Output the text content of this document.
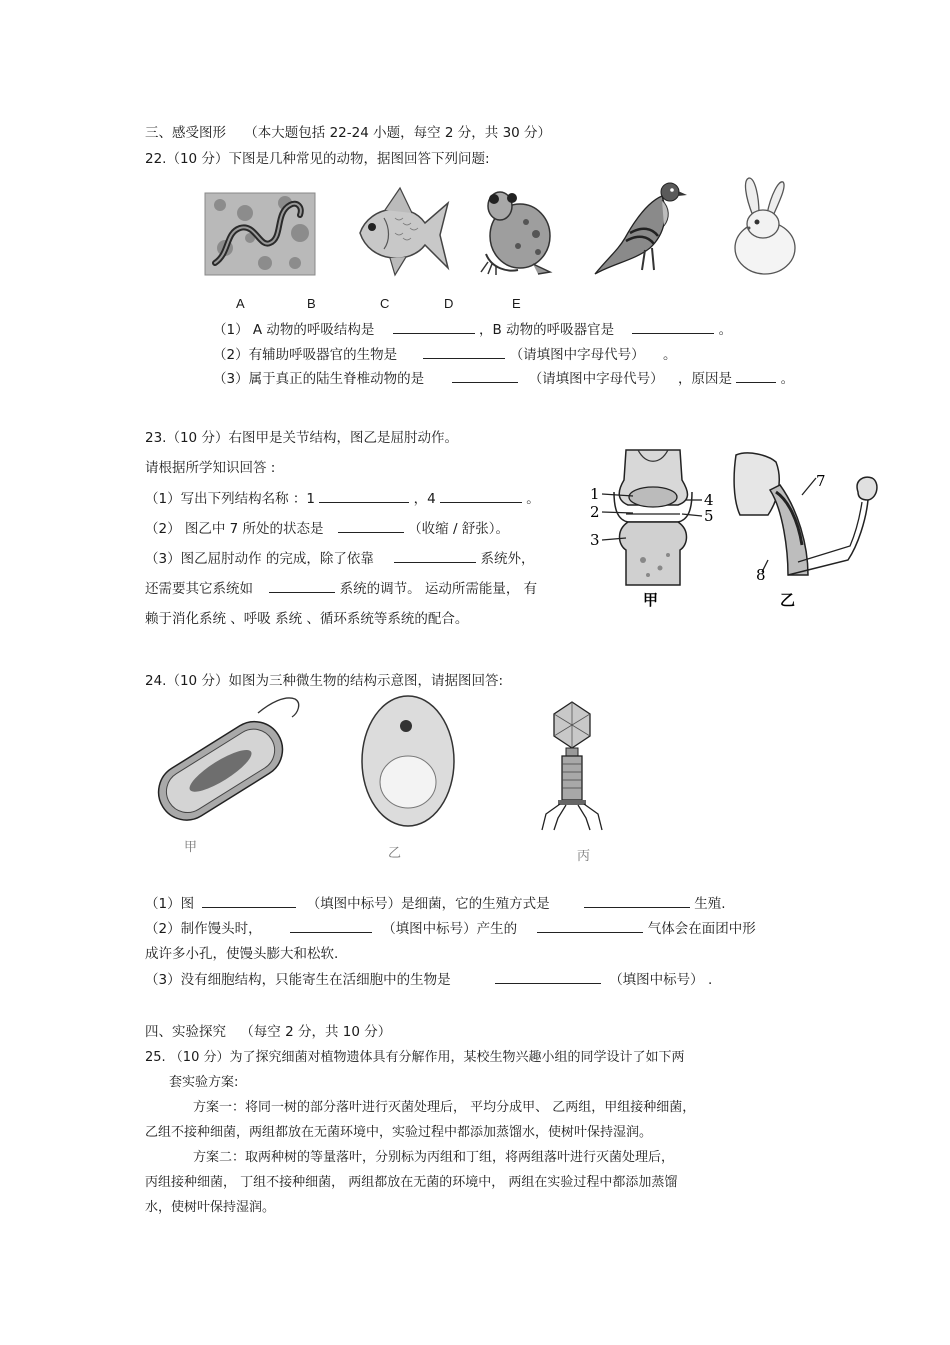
三、感受图形 （本大题包括 22-24 小题，每空 2 分，共 30 分）
22.（10 分）下图是几种常见的动物，据图回答下列问题:
A	B	C	D	E
（1） A 动物的呼吸结构是	，B 动物的呼吸器官是	。
（2）有辅助呼吸器官的生物是	（请填图中字母代号） 。
（3）属于真正的陆生脊椎动物的是	（请填图中字母代号） ，原因是	。
23.（10 分）右图甲是关节结构，图乙是屈肘动作。
请根据所学知识回答 :
（1）写出下列结构名称 ：1	，4	。
（2） 图乙中 7 所处的状态是	（收缩 / 舒张）。
（3）图乙屈肘动作 的完成，除了依靠	系统外，
还需要其它系统如	系统的调节。 运动所需能量， 有
赖于消化系统 、呼吸 系统 、循环系统等系统的配合。
1
2
3
4
5
甲
7
8
乙
24.（10 分）如图为三种微生物的结构示意图，请据图回答:
甲	乙	丙
（1）图	（填图中标号）是细菌，它的生殖方式是	生殖.
（2）制作馒头时，	（填图中标号）产生的	气体会在面团中形
成许多小孔，使馒头膨大和松软.
（3）没有细胞结构，只能寄生在活细胞中的生物是	（填图中标号） .
四、实验探究 （每空 2 分，共 10 分）
25. （10 分）为了探究细菌对植物遗体具有分解作用，某校生物兴趣小组的同学设计了如下两
套实验方案:
方案一：将同一树的部分落叶进行灭菌处理后， 平均分成甲、 乙两组，甲组接种细菌，
乙组不接种细菌，两组都放在无菌环境中，实验过程中都添加蒸馏水，使树叶保持湿润。
方案二：取两种树的等量落叶，分别标为丙组和丁组，将两组落叶进行灭菌处理后，
丙组接种细菌， 丁组不接种细菌， 两组都放在无菌的环境中， 两组在实验过程中都添加蒸馏
水，使树叶保持湿润。
